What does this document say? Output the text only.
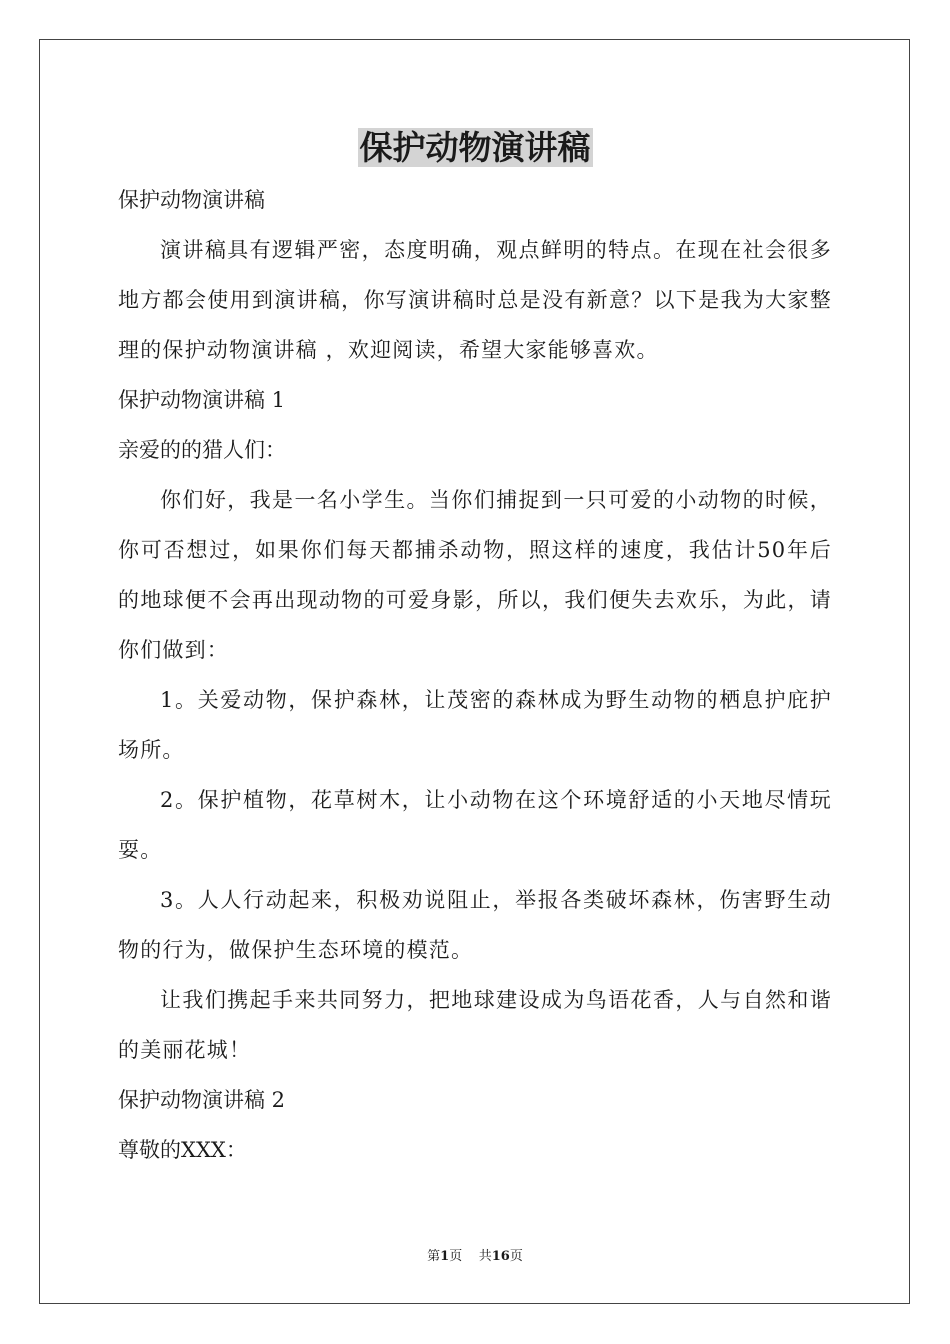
保护动物演讲稿
保护动物演讲稿
演讲稿具有逻辑严密，态度明确，观点鲜明的特点。在现在社会很多地方都会使用到演讲稿，你写演讲稿时总是没有新意？以下是我为大家整理的保护动物演讲稿 ，欢迎阅读，希望大家能够喜欢。
保护动物演讲稿 1
亲爱的的猎人们：
你们好，我是一名小学生。当你们捕捉到一只可爱的小动物的时候，你可否想过，如果你们每天都捕杀动物，照这样的速度，我估计50年后的地球便不会再出现动物的可爱身影，所以，我们便失去欢乐，为此，请你们做到：
1。关爱动物，保护森林，让茂密的森林成为野生动物的栖息护庇护场所。
2。保护植物，花草树木，让小动物在这个环境舒适的小天地尽情玩耍。
3。人人行动起来，积极劝说阻止，举报各类破坏森林，伤害野生动物的行为，做保护生态环境的模范。
让我们携起手来共同努力，把地球建设成为鸟语花香，人与自然和谐的美丽花城！
保护动物演讲稿 2
尊敬的XXX：
第1页 共16页
